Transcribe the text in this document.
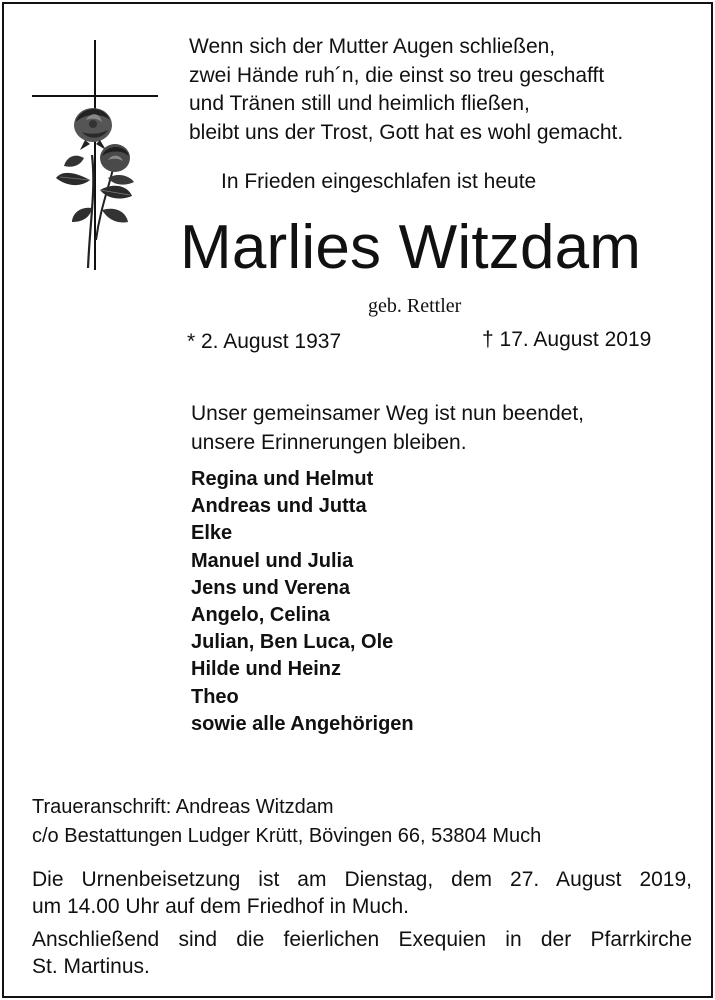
Wenn sich der Mutter Augen schließen,
zwei Hände ruh´n, die einst so treu geschafft
und Tränen still und heimlich fließen,
bleibt uns der Trost, Gott hat es wohl gemacht.
In Frieden eingeschlafen ist heute
Marlies Witzdam
geb. Rettler
* 2. August 1937	† 17. August 2019
Unser gemeinsamer Weg ist nun beendet,
unsere Erinnerungen bleiben.
Regina und Helmut
Andreas und Jutta
Elke
Manuel und Julia
Jens und Verena
Angelo, Celina
Julian, Ben Luca, Ole
Hilde und Heinz
Theo
sowie alle Angehörigen
Traueranschrift: Andreas Witzdam
c/o Bestattungen Ludger Krütt, Bövingen 66, 53804 Much
Die Urnenbeisetzung ist am Dienstag, dem 27. August 2019,
um 14.00 Uhr auf dem Friedhof in Much.
Anschließend sind die feierlichen Exequien in der Pfarrkirche
St. Martinus.
